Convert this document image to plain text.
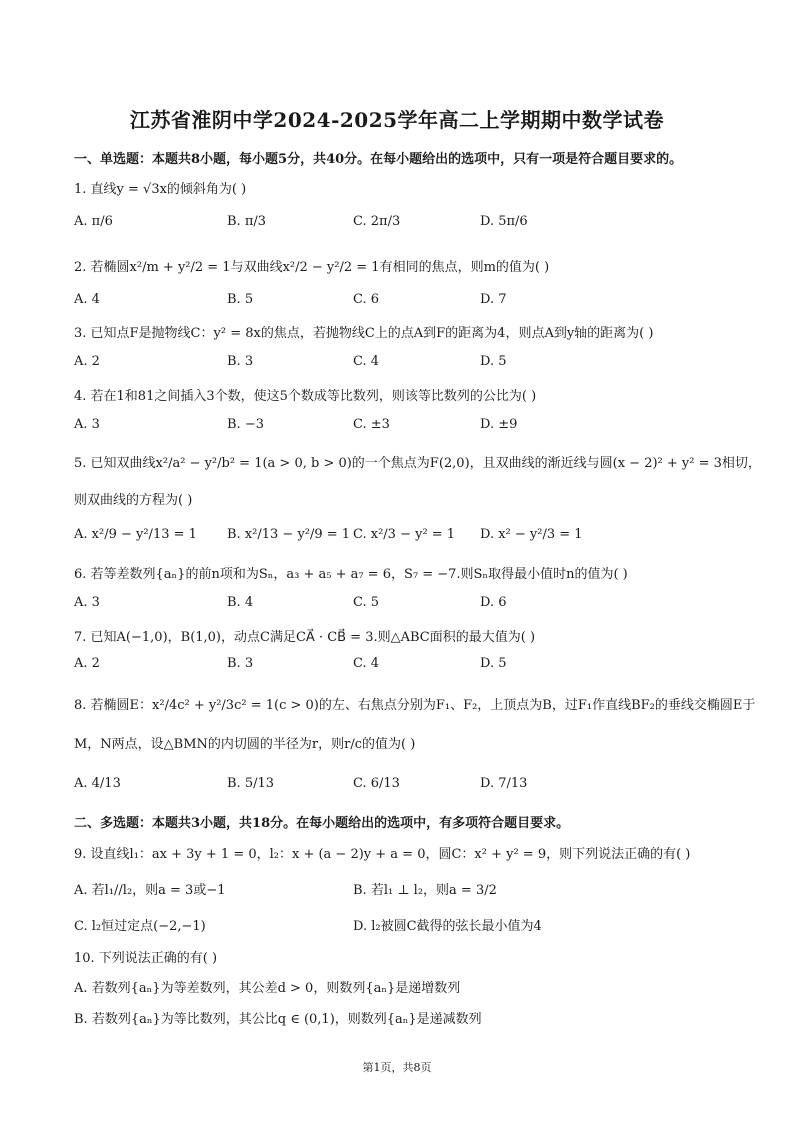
江苏省淮阴中学2024-2025学年高二上学期期中数学试卷
一、单选题：本题共8小题，每小题5分，共40分。在每小题给出的选项中，只有一项是符合题目要求的。
1. 直线y = √3x的倾斜角为( )
A. π/6	B. π/3	C. 2π/3	D. 5π/6
2. 若椭圆x²/m + y²/2 = 1与双曲线x²/2 − y²/2 = 1有相同的焦点，则m的值为( )
A. 4	B. 5	C. 6	D. 7
3. 已知点F是抛物线C：y² = 8x的焦点，若抛物线C上的点A到F的距离为4，则点A到y轴的距离为( )
A. 2	B. 3	C. 4	D. 5
4. 若在1和81之间插入3个数，使这5个数成等比数列，则该等比数列的公比为( )
A. 3	B. −3	C. ±3	D. ±9
5. 已知双曲线x²/a² − y²/b² = 1(a > 0, b > 0)的一个焦点为F(2,0)，且双曲线的渐近线与圆(x − 2)² + y² = 3相切，
则双曲线的方程为( )
A. x²/9 − y²/13 = 1 B. x²/13 − y²/9 = 1 C. x²/3 − y² = 1 D. x² − y²/3 = 1
6. 若等差数列{aₙ}的前n项和为Sₙ，a₃ + a₅ + a₇ = 6，S₇ = −7.则Sₙ取得最小值时n的值为( )
A. 3	B. 4	C. 5	D. 6
7. 已知A(−1,0)，B(1,0)，动点C满足CA⃗ · CB⃗ = 3.则△ABC面积的最大值为( )
A. 2	B. 3	C. 4	D. 5
8. 若椭圆E：x²/4c² + y²/3c² = 1(c > 0)的左、右焦点分别为F₁、F₂，上顶点为B，过F₁作直线BF₂的垂线交椭圆E于
M，N两点，设△BMN的内切圆的半径为r，则r/c的值为( )
A. 4/13	B. 5/13	C. 6/13	D. 7/13
二、多选题：本题共3小题，共18分。在每小题给出的选项中，有多项符合题目要求。
9. 设直线l₁：ax + 3y + 1 = 0，l₂：x + (a − 2)y + a = 0，圆C：x² + y² = 9，则下列说法正确的有( )
A. 若l₁//l₂，则a = 3或−1	B. 若l₁ ⊥ l₂，则a = 3/2
C. l₂恒过定点(−2,−1)	D. l₂被圆C截得的弦长最小值为4
10. 下列说法正确的有( )
A. 若数列{aₙ}为等差数列，其公差d > 0，则数列{aₙ}是递增数列
B. 若数列{aₙ}为等比数列，其公比q ∈ (0,1)，则数列{aₙ}是递减数列
第1页，共8页
